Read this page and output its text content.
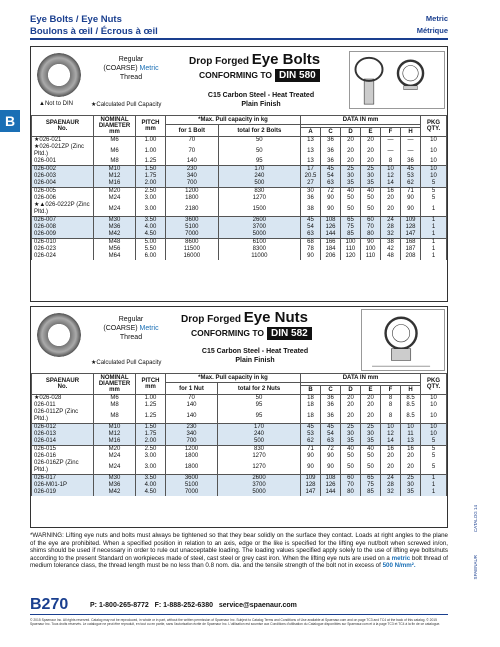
Eye Bolts / Eye Nuts	Metric
Boulons à œil / Écrous à œil	Métrique
B
Regular
(COARSE) Metric
Thread
▲Not to DIN	★Calculated Pull Capacity
Drop Forged Eye Bolts
CONFORMING TO DIN 580
C15 Carbon Steel - Heat Treated
Plain Finish
SPAENAUR
No.	NOMINAL
DIAMETER
mm	PITCH
mm	*Max. Pull capacity in kg		DATA IN mm						PKG
QTY.
			for 1 Bolt	total for 2 Bolts							
					A	C	D	E	F	H	
★026-021	M6	1.00	70	50	13	36	20	20	—	—	10
★026-021ZP (Zinc Pltd.)	M6	1.00	70	50	13	36	20	20	—	—	10
026-001	M8	1.25	140	95	13	36	20	20	8	36	10
026-002	M10	1.50	230	170	17	45	25	25	10	45	10
026-003	M12	1.75	340	240	20.5	54	30	30	12	53	10
026-004	M16	2.00	700	500	27	63	35	35	14	62	5
026-005	M20	2.50	1200	830	30	72	40	40	16	71	5
026-006	M24	3.00	1800	1270	36	90	50	50	20	90	5
★▲026-0222P (Zinc Pltd.)	M24	3.00	2180	1500	38	90	50	50	20	90	1
026-007	M30	3.50	3600	2600	45	108	65	60	24	109	1
026-008	M36	4.00	5100	3700	54	126	75	70	28	128	1
026-009	M42	4.50	7000	5000	63	144	85	80	32	147	1
026-010	M48	5.00	8600	6100	68	166	100	90	38	168	1
026-023	M56	5.50	11500	8300	78	184	110	100	42	187	1
026-024	M64	6.00	16000	11000	90	206	120	110	48	208	1
Regular
(COARSE) Metric
Thread
★Calculated Pull Capacity
Drop Forged Eye Nuts
CONFORMING TO DIN 582
C15 Carbon Steel - Heat Treated
Plain Finish
SPAENAUR
No.	NOMINAL
DIAMETER
mm	PITCH
mm	*Max. Pull capacity in kg		DATA IN mm						PKG
QTY.
			for 1 Nut	total for 2 Nuts							
					B	C	D	E	F	H	
★026-028	M6	1.00	70	50	18	36	20	20	8	8.5	10
026-011	M8	1.25	140	95	18	36	20	20	8	8.5	10
026-011ZP (Zinc Pltd.)	M8	1.25	140	95	18	36	20	20	8	8.5	10
026-012	M10	1.50	230	170	45	45	25	25	10	10	10
026-013	M12	1.75	340	240	53	54	30	30	12	11	10
026-014	M16	2.00	700	500	62	63	35	35	14	13	5
026-015	M20	2.50	1200	830	71	72	40	40	16	16	5
026-016	M24	3.00	1800	1270	90	90	50	50	20	20	5
026-016ZP (Zinc Pltd.)	M24	3.00	1800	1270	90	90	50	50	20	20	5
026-017	M30	3.50	3600	2600	109	108	60	65	24	25	1
026-M01-1P	M36	4.00	5100	3700	128	126	70	75	28	30	1
026-019	M42	4.50	7000	5000	147	144	80	85	32	35	1
*WARNING: Lifting eye nuts and bolts must always be tightened so that they bear solidly on the surface they contact. Loads at right angles to the plane of the eye are prohibited. When a specified position in relation to an axis, edge or the like is specified for the lifting eye nut/bolt when screwed in/on, shims should be used if necessary in order to rule out unacceptable loading. The loading values specified apply solely to the use of lifting eye bolts/nuts according to the present Standard on workpieces made of steel, cast steel or grey cast iron. When the lifting eye nuts are used on a metric bolt thread of medium tolerance class, the thread length must be no less than 0.8 nom. dia. and the tensile strength of the bolt not in excess of 500 N/mm².
CATALOG 14
SPAENAUR
B270	P: 1-800-265-8772 F: 1-888-252-6380 service@spaenaur.com
© 2015 Spaenaur Inc. All rights reserved. Catalog may not be reproduced, in whole or in part, without the written permission of Spaenaur Inc. Subject to Catalog Terms and Conditions of Use available at Spaenaur.com and on page TC3 and TC4 at the back of this catalog. © 2015 Spaenaur Inc. Tous droits réservés. Le catalogue ne peut être reproduit, en tout ou en partie, sans l'autorisation écrite de Spaenaur Inc. L'utilisation est soumise aux Conditions d'utilisation du Catalogue disponibles sur Spaenaur.com et à la page TC3 et TC4 à la fin de ce catalogue.
